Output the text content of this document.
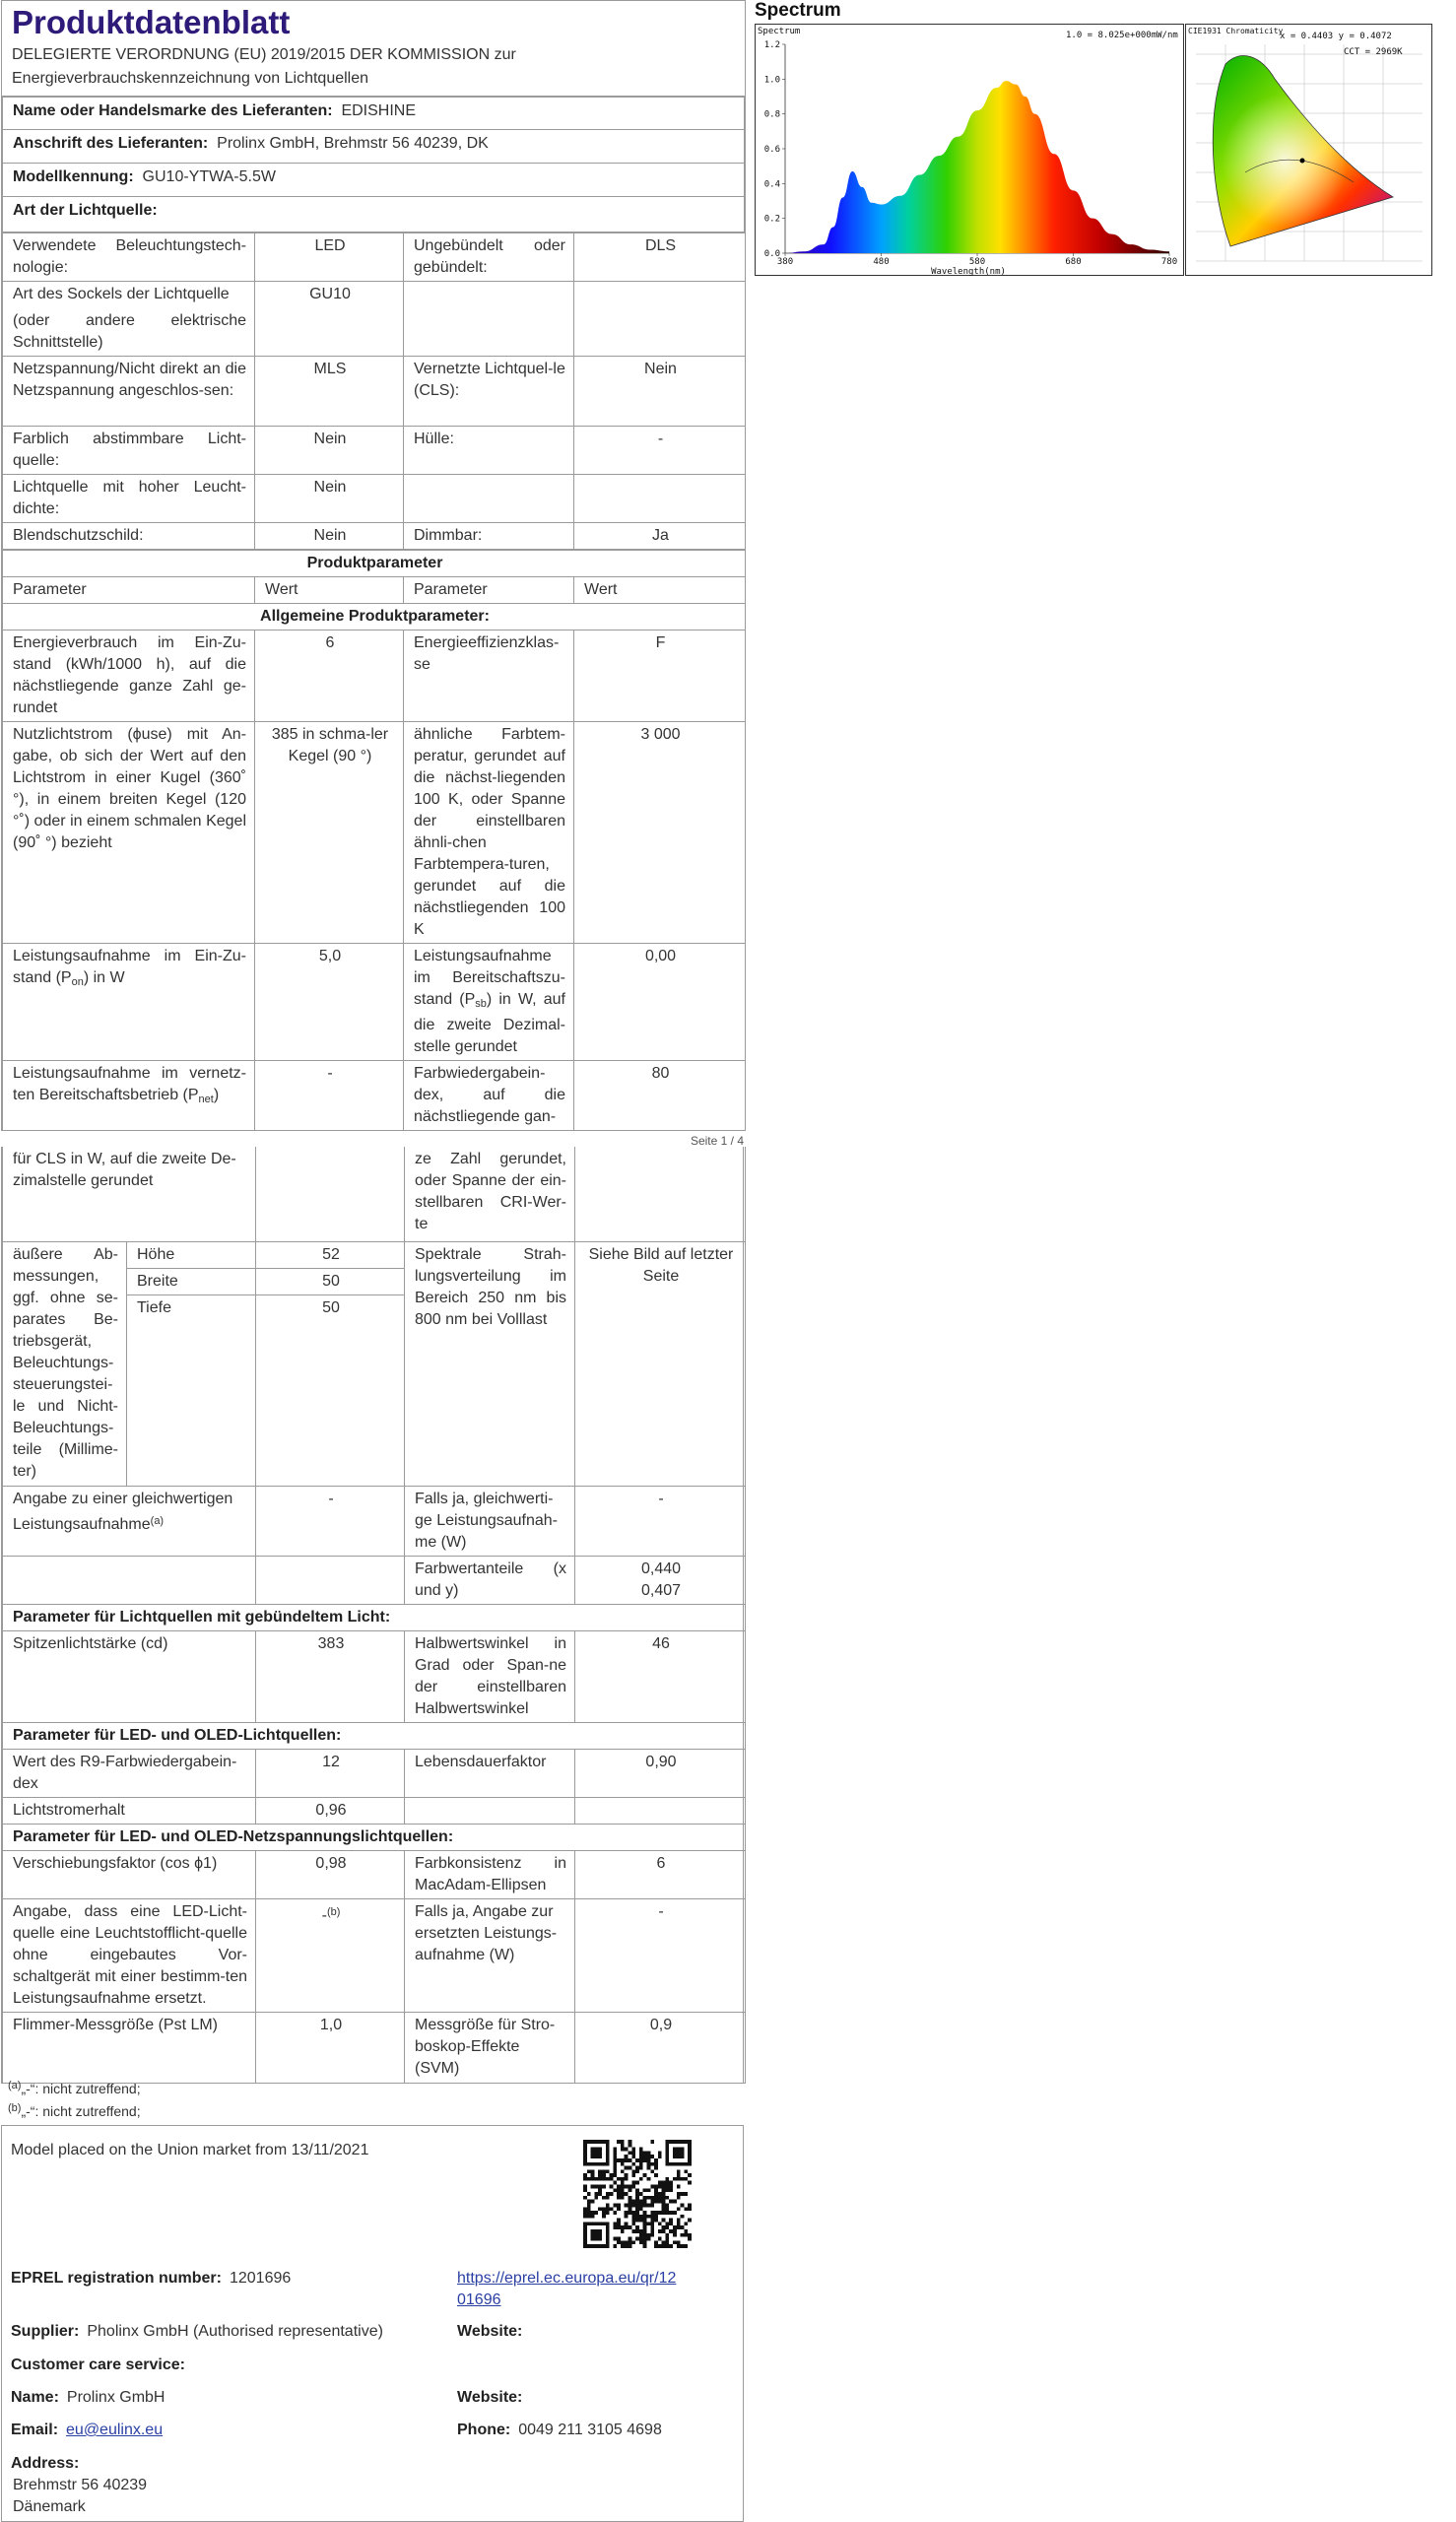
Produktdatenblatt
DELEGIERTE VERORDNUNG (EU) 2019/2015 DER KOMMISSION zur
Energieverbrauchskennzeichnung von Lichtquellen
Name oder Handelsmarke des Lieferanten: EDISHINE
Anschrift des Lieferanten: Prolinx GmbH, Brehmstr 56 40239, DK
Modellkennung: GU10-YTWA-5.5W
Art der Lichtquelle:
Verwendete Beleuchtungstech-nologie:	LED	Ungebündelt oder gebündelt:	DLS

Art des Sockels der Lichtquelle
(oder andere elektrische Schnittstelle)	GU10		
Netzspannung/Nicht direkt an die Netzspannung angeschlos-sen:	MLS	Vernetzte Lichtquel-le (CLS):	Nein
Farblich abstimmbare Licht-quelle:	Nein	Hülle:	-
Lichtquelle mit hoher Leucht-dichte:	Nein		
Blendschutzschild:	Nein	Dimmbar:	Ja
Produktparameter			
Parameter	Wert	Parameter	Wert
Allgemeine Produktparameter:			
Energieverbrauch im Ein-Zu-stand (kWh/1000 h), auf die nächstliegende ganze Zahl ge-rundet	6	Energieeffizienzklas-se	F
Nutzlichtstrom (ϕuse) mit An-gabe, ob sich der Wert auf den Lichtstrom in einer Kugel (360˚ °), in einem breiten Kegel (120 °˚) oder in einem schmalen Kegel (90˚ °) bezieht	385 in schma-ler Kegel (90 °)	ähnliche Farbtem-peratur, gerundet auf die nächst-liegenden 100 K, oder Spanne der einstellbaren ähnli-chen Farbtempera-turen, gerundet auf die nächstliegenden 100 K	3 000
Leistungsaufnahme im Ein-Zu-stand $(P_{on})$ in W	5,0	Leistungsaufnahme im Bereitschaftszu-stand $(P_{sb})$ in W, auf die zweite Dezimal-stelle gerundet	0,00
Leistungsaufnahme im vernetz-ten Bereitschaftsbetrieb $(P_{net})$	-	Farbwiedergabein-dex, auf die nächstliegende gan-	80
Seite 1 / 4
für CLS in W, auf die zweite De-zimalstelle gerundet			ze Zahl gerundet, oder Spanne der ein-stellbaren CRI-Wer-te	
äußere Ab-messungen, ggf. ohne se-parates Be-triebsgerät, Beleuchtungs-steuerungstei-le und Nicht-Beleuchtungs-teile (Millime-ter)	Höhe	52	Spektrale Strah-lungsverteilung im Bereich 250 nm bis 800 nm bei Volllast	Siehe Bild auf letzter Seite
	Breite	50		
	Tiefe	50		
Angabe zu einer gleichwertigen Leistungsaufnahme$^{(a)}$		-	Falls ja, gleichwerti-ge Leistungsaufnah-me (W)	-
			Farbwertanteile (x und y)	0,440
0,407

Parameter für Lichtquellen mit gebündeltem Licht:				
Spitzenlichtstärke (cd)		383	Halbwertswinkel in Grad oder Span-ne der einstellbaren Halbwertswinkel	46
Parameter für LED- und OLED-Lichtquellen:				
Wert des R9-Farbwiedergabein-dex		12	Lebensdauerfaktor	0,90
Lichtstromerhalt		0,96		
Parameter für LED- und OLED-Netzspannungslichtquellen:				
Verschiebungsfaktor (cos ϕ1)		0,98	Farbkonsistenz in MacAdam-Ellipsen	6
Angabe, dass eine LED-Licht-quelle eine Leuchtstofflicht-quelle ohne eingebautes Vor-schaltgerät mit einer bestimm-ten Leistungsaufnahme ersetzt.		-$^{(b)}$	Falls ja, Angabe zur ersetzten Leistungs-aufnahme (W)	-
Flimmer-Messgröße (Pst LM)		1,0	Messgröße für Stro-boskop-Effekte (SVM)	0,9
$^{(a)}$„-“: nicht zutreffend;
$^{(b)}$„-“: nicht zutreffend;
Model placed on the Union market from 13/11/2021
EPREL registration number: 1201696	https://eprel.ec.europa.eu/qr/12
01696
Supplier: Pholinx GmbH (Authorised representative)	Website:
Customer care service:
Name: Prolinx GmbH	Website:
Email: eu@eulinx.eu	Phone: 0049 211 3105 4698
Address:
Brehmstr 56 40239
Dänemark
Spectrum
Spectrum	1.0 = 8.025e+000mW/nm
1.2
1.0
0.8
0.6
0.4
0.2
0.0
380	480	580	680	780
Wavelength(nm)
CIE1931 Chromaticity
x = 0.4403 y = 0.4072
CCT = 2969K
